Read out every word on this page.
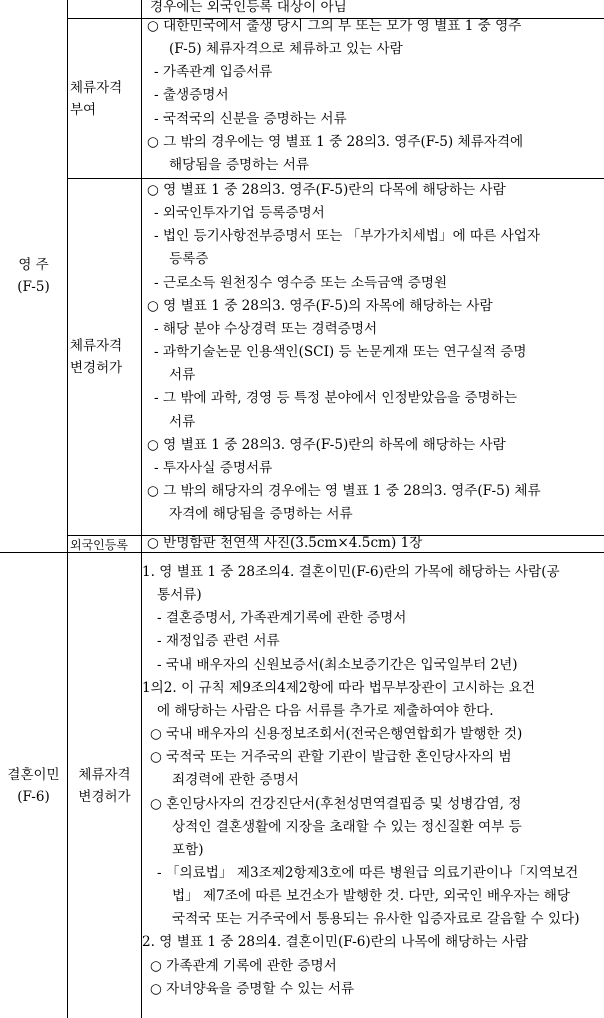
영 주
(F-5)
결혼이민
(F-6)
경우에는 외국인등록 대상이 아님
체류자격
부여
○ 대한민국에서 출생 당시 그의 부 또는 모가 영 별표 1 중 영주
(F-5) 체류자격으로 체류하고 있는 사람
- 가족관계 입증서류
- 출생증명서
- 국적국의 신분을 증명하는 서류
○ 그 밖의 경우에는 영 별표 1 중 28의3. 영주(F-5) 체류자격에
해당됨을 증명하는 서류
체류자격
변경허가
○ 영 별표 1 중 28의3. 영주(F-5)란의 다목에 해당하는 사람
- 외국인투자기업 등록증명서
- 법인 등기사항전부증명서 또는 「부가가치세법」에 따른 사업자
등록증
- 근로소득 원천징수 영수증 또는 소득금액 증명원
○ 영 별표 1 중 28의3. 영주(F-5)의 자목에 해당하는 사람
- 해당 분야 수상경력 또는 경력증명서
- 과학기술논문 인용색인(SCI) 등 논문게재 또는 연구실적 증명
서류
- 그 밖에 과학, 경영 등 특정 분야에서 인정받았음을 증명하는
서류
○ 영 별표 1 중 28의3. 영주(F-5)란의 하목에 해당하는 사람
- 투자사실 증명서류
○ 그 밖의 해당자의 경우에는 영 별표 1 중 28의3. 영주(F-5) 체류
자격에 해당됨을 증명하는 서류
외국인등록	○ 반명함판 천연색 사진(3.5cm×4.5cm) 1장
체류자격
변경허가
1. 영 별표 1 중 28조의4. 결혼이민(F-6)란의 가목에 해당하는 사람(공
통서류)
- 결혼증명서, 가족관계기록에 관한 증명서
- 재정입증 관련 서류
- 국내 배우자의 신원보증서(최소보증기간은 입국일부터 2년)
1의2. 이 규칙 제9조의4제2항에 따라 법무부장관이 고시하는 요건
에 해당하는 사람은 다음 서류를 추가로 제출하여야 한다.
○ 국내 배우자의 신용정보조회서(전국은행연합회가 발행한 것)
○ 국적국 또는 거주국의 관할 기관이 발급한 혼인당사자의 범
죄경력에 관한 증명서
○ 혼인당사자의 건강진단서(후천성면역결핍증 및 성병감염, 정
상적인 결혼생활에 지장을 초래할 수 있는 정신질환 여부 등
포함)
- 「의료법」 제3조제2항제3호에 따른 병원급 의료기관이나「지역보건
법」 제7조에 따른 보건소가 발행한 것. 다만, 외국인 배우자는 해당
국적국 또는 거주국에서 통용되는 유사한 입증자료로 갈음할 수 있다)
2. 영 별표 1 중 28의4. 결혼이민(F-6)란의 나목에 해당하는 사람
○ 가족관계 기록에 관한 증명서
○ 자녀양육을 증명할 수 있는 서류
